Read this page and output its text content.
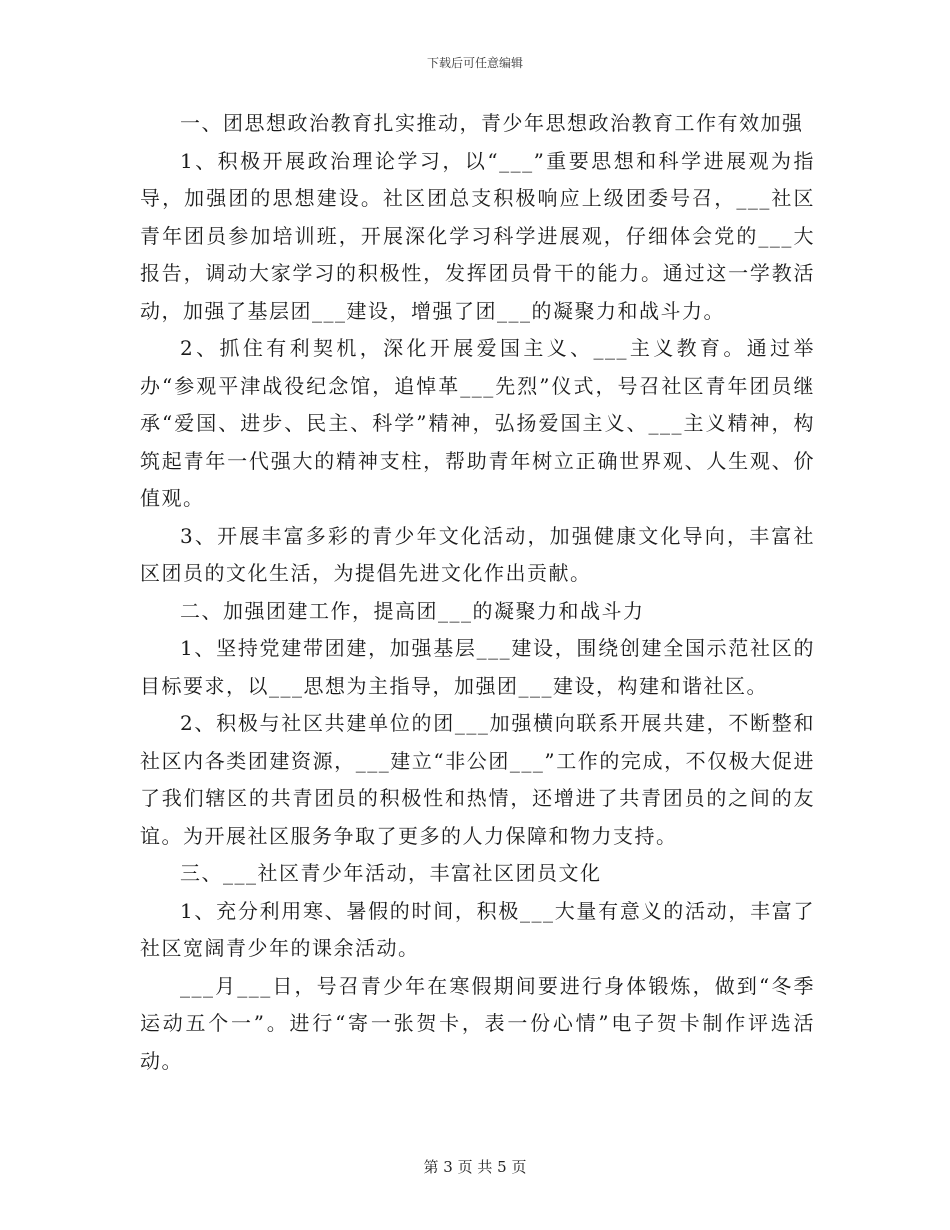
下载后可任意编辑

一、团思想政治教育扎实推动，青少年思想政治教育工作有效加强

1、积极开展政治理论学习，以“___”重要思想和科学进展观为指导，加强团的思想建设。社区团总支积极响应上级团委号召，___社区青年团员参加培训班，开展深化学习科学进展观，仔细体会党的___大报告，调动大家学习的积极性，发挥团员骨干的能力。通过这一学教活动，加强了基层团___建设，增强了团___的凝聚力和战斗力。

2、抓住有利契机，深化开展爱国主义、___主义教育。通过举办“参观平津战役纪念馆，追悼革___先烈”仪式，号召社区青年团员继承“爱国、进步、民主、科学”精神，弘扬爱国主义、___主义精神，构筑起青年一代强大的精神支柱，帮助青年树立正确世界观、人生观、价值观。

3、开展丰富多彩的青少年文化活动，加强健康文化导向，丰富社区团员的文化生活，为提倡先进文化作出贡献。

二、加强团建工作，提高团___的凝聚力和战斗力

1、坚持党建带团建，加强基层___建设，围绕创建全国示范社区的目标要求，以___思想为主指导，加强团___建设，构建和谐社区。

2、积极与社区共建单位的团___加强横向联系开展共建，不断整和社区内各类团建资源，___建立“非公团___”工作的完成，不仅极大促进了我们辖区的共青团员的积极性和热情，还增进了共青团员的之间的友谊。为开展社区服务争取了更多的人力保障和物力支持。

三、___社区青少年活动，丰富社区团员文化

1、充分利用寒、暑假的时间，积极___大量有意义的活动，丰富了社区宽阔青少年的课余活动。

___月___日，号召青少年在寒假期间要进行身体锻炼，做到“冬季运动五个一”。进行“寄一张贺卡，表一份心情”电子贺卡制作评选活动。

第 3 页 共 5 页
